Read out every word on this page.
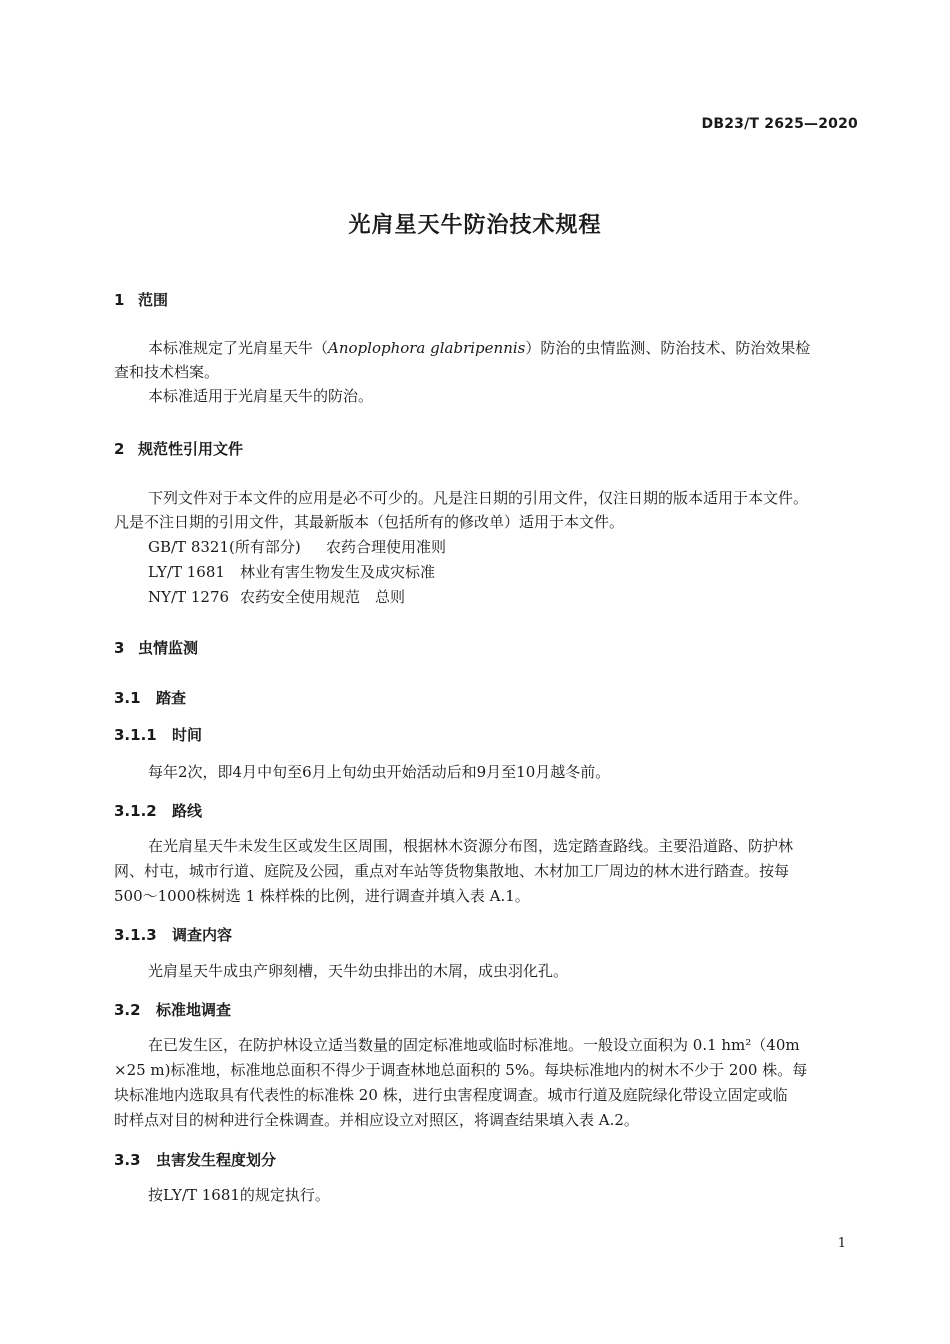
DB23/T 2625—2020
光肩星天牛防治技术规程
1 范围
本标准规定了光肩星天牛（Anoplophora glabripennis）防治的虫情监测、防治技术、防治效果检
查和技术档案。
本标准适用于光肩星天牛的防治。
2 规范性引用文件
下列文件对于本文件的应用是必不可少的。凡是注日期的引用文件，仅注日期的版本适用于本文件。
凡是不注日期的引用文件，其最新版本（包括所有的修改单）适用于本文件。
GB/T 8321(所有部分) 农药合理使用准则
LY/T 1681 林业有害生物发生及成灾标准
NY/T 1276 农药安全使用规范　总则
3 虫情监测
3.1 踏查
3.1.1 时间
每年2次，即4月中旬至6月上旬幼虫开始活动后和9月至10月越冬前。
3.1.2 路线
在光肩星天牛未发生区或发生区周围，根据林木资源分布图，选定踏查路线。主要沿道路、防护林
网、村屯，城市行道、庭院及公园，重点对车站等货物集散地、木材加工厂周边的林木进行踏查。按每
500～1000株树选 1 株样株的比例，进行调查并填入表 A.1。
3.1.3 调查内容
光肩星天牛成虫产卵刻槽，天牛幼虫排出的木屑，成虫羽化孔。
3.2 标准地调查
在已发生区，在防护林设立适当数量的固定标准地或临时标准地。一般设立面积为 0.1 hm²（40m
×25 m)标准地，标准地总面积不得少于调查林地总面积的 5%。每块标准地内的树木不少于 200 株。每
块标准地内选取具有代表性的标准株 20 株，进行虫害程度调查。城市行道及庭院绿化带设立固定或临
时样点对目的树种进行全株调查。并相应设立对照区，将调查结果填入表 A.2。
3.3 虫害发生程度划分
按LY/T 1681的规定执行。
1
